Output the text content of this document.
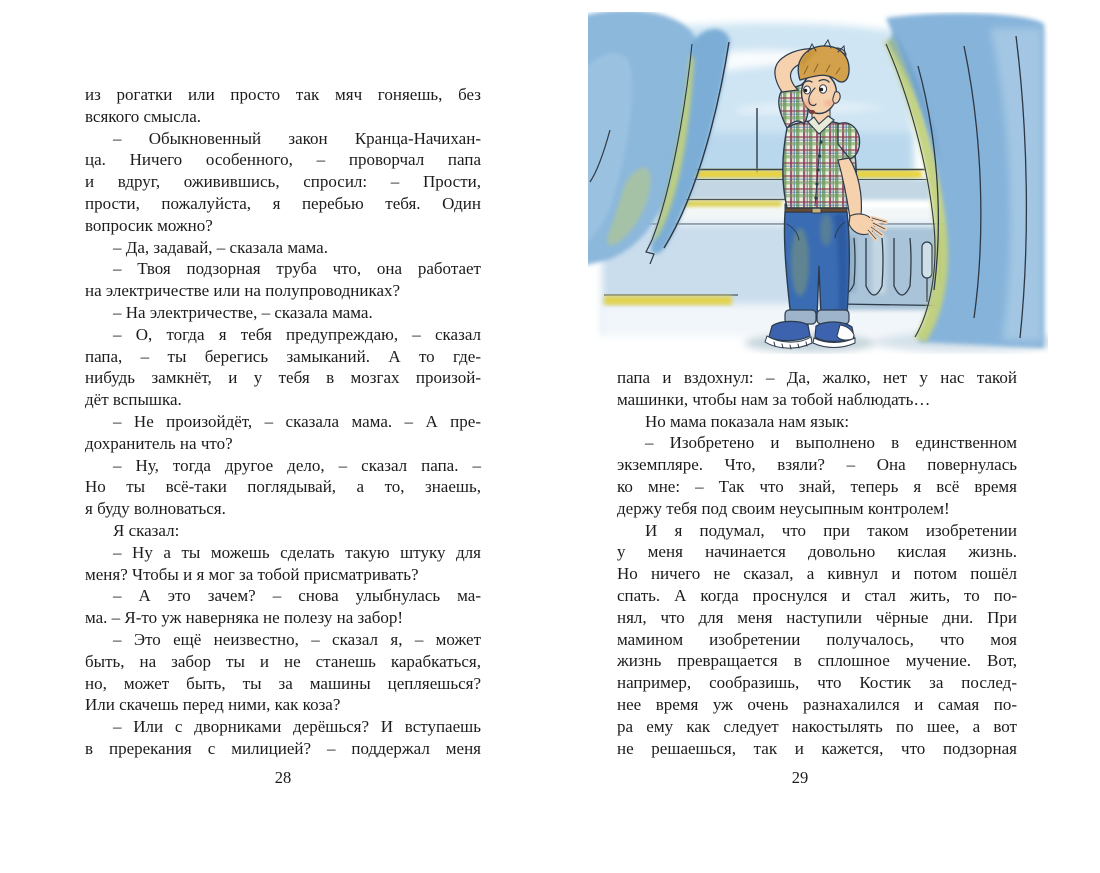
из рогатки или просто так мяч гоняешь, без
всякого смысла.
– Обыкновенный закон Кранца-Начихан-
ца. Ничего особенного, – проворчал папа
и вдруг, оживившись, спросил: – Прости,
прости, пожалуйста, я перебью тебя. Один
вопросик можно?
– Да, задавай, – сказала мама.
– Твоя подзорная труба что, она работает
на электричестве или на полупроводниках?
– На электричестве, – сказала мама.
– О, тогда я тебя предупреждаю, – сказал
папа, – ты берегись замыканий. А то где-
нибудь замкнёт, и у тебя в мозгах произой-
дёт вспышка.
– Не произойдёт, – сказала мама. – А пре-
дохранитель на что?
– Ну, тогда другое дело, – сказал папа. –
Но ты всё-таки поглядывай, а то, знаешь,
я буду волноваться.
Я сказал:
– Ну а ты можешь сделать такую штуку для
меня? Чтобы и я мог за тобой присматривать?
– А это зачем? – снова улыбнулась ма-
ма. – Я-то уж наверняка не полезу на забор!
– Это ещё неизвестно, – сказал я, – может
быть, на забор ты и не станешь карабкаться,
но, может быть, ты за машины цепляешься?
Или скачешь перед ними, как коза?
– Или с дворниками дерёшься? И вступаешь
в пререкания с милицией? – поддержал меня
28
папа и вздохнул: – Да, жалко, нет у нас такой
машинки, чтобы нам за тобой наблюдать…
Но мама показала нам язык:
– Изобретено и выполнено в единственном
экземпляре. Что, взяли? – Она повернулась
ко мне: – Так что знай, теперь я всё время
держу тебя под своим неусыпным контролем!
И я подумал, что при таком изобретении
у меня начинается довольно кислая жизнь.
Но ничего не сказал, а кивнул и потом пошёл
спать. А когда проснулся и стал жить, то по-
нял, что для меня наступили чёрные дни. При
мамином изобретении получалось, что моя
жизнь превращается в сплошное мучение. Вот,
например, сообразишь, что Костик за послед-
нее время уж очень разнахалился и самая по-
ра ему как следует накостылять по шее, а вот
не решаешься, так и кажется, что подзорная
29
